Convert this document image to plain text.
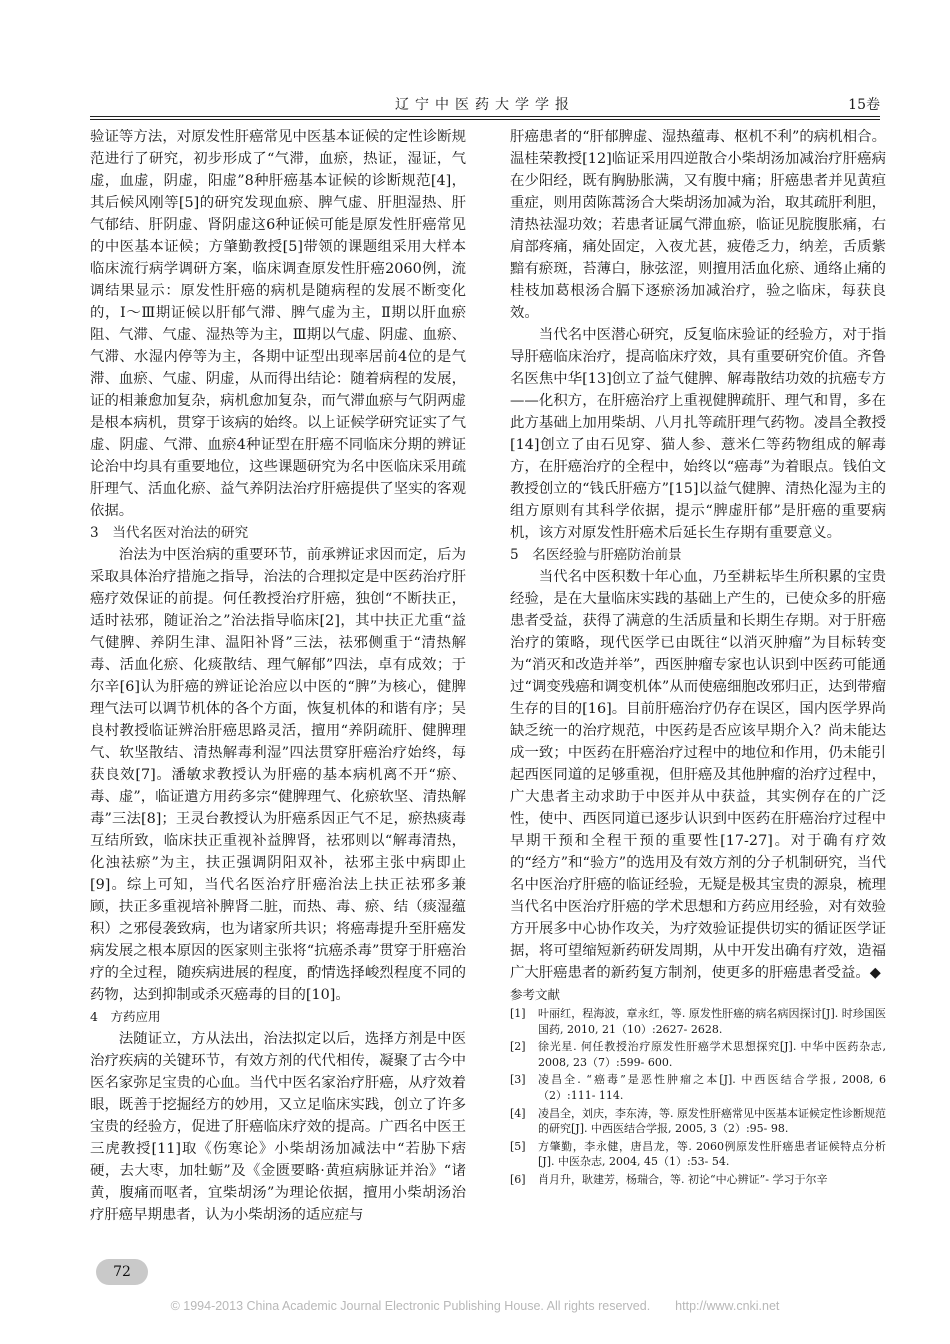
辽宁中医药大学学报	15卷

验证等方法，对原发性肝癌常见中医基本证候的定性诊断规范进行了研究，初步形成了“气滞，血瘀，热证，湿证，气虚，血虚，阴虚，阳虚”8种肝癌基本证候的诊断规范[4]，其后候风刚等[5]的研究发现血瘀、脾气虚、肝胆湿热、肝气郁结、肝阴虚、肾阴虚这6种证候可能是原发性肝癌常见的中医基本证候；方肇勤教授[5]带领的课题组采用大样本临床流行病学调研方案，临床调查原发性肝癌2060例，流调结果显示：原发性肝癌的病机是随病程的发展不断变化的，Ⅰ～Ⅲ期证候以肝郁气滞、脾气虚为主，Ⅱ期以肝血瘀阻、气滞、气虚、湿热等为主，Ⅲ期以气虚、阴虚、血瘀、气滞、水湿内停等为主，各期中证型出现率居前4位的是气滞、血瘀、气虚、阴虚，从而得出结论：随着病程的发展，证的相兼愈加复杂，病机愈加复杂，而气滞血瘀与气阴两虚是根本病机，贯穿于该病的始终。以上证候学研究证实了气虚、阴虚、气滞、血瘀4种证型在肝癌不同临床分期的辨证论治中均具有重要地位，这些课题研究为名中医临床采用疏肝理气、活血化瘀、益气养阴法治疗肝癌提供了坚实的客观依据。

3　当代名医对治法的研究

治法为中医治病的重要环节，前承辨证求因而定，后为采取具体治疗措施之指导，治法的合理拟定是中医药治疗肝癌疗效保证的前提。何任教授治疗肝癌，独创“不断扶正，适时祛邪，随证治之”治法指导临床[2]，其中扶正尤重“益气健脾、养阴生津、温阳补肾”三法，祛邪侧重于“清热解毒、活血化瘀、化痰散结、理气解郁”四法，卓有成效；于尔辛[6]认为肝癌的辨证论治应以中医的“脾”为核心，健脾理气法可以调节机体的各个方面，恢复机体的和谐有序；吴良村教授临证辨治肝癌思路灵活，擅用“养阴疏肝、健脾理气、软坚散结、清热解毒利湿”四法贯穿肝癌治疗始终，每获良效[7]。潘敏求教授认为肝癌的基本病机离不开“瘀、毒、虚”，临证遣方用药多宗“健脾理气、化瘀软坚、清热解毒”三法[8]；王灵台教授认为肝癌系因正气不足，瘀热痰毒互结所致，临床扶正重视补益脾肾，祛邪则以“解毒清热，化浊祛瘀”为主，扶正强调阴阳双补，祛邪主张中病即止[9]。综上可知，当代名医治疗肝癌治法上扶正祛邪多兼顾，扶正多重视培补脾肾二脏，而热、毒、瘀、结（痰湿蕴积）之邪侵袭致病，也为诸家所共识；将癌毒提升至肝癌发病发展之根本原因的医家则主张将“抗癌杀毒”贯穿于肝癌治疗的全过程，随疾病进展的程度，酌情选择峻烈程度不同的药物，达到抑制或杀灭癌毒的目的[10]。

4　方药应用

法随证立，方从法出，治法拟定以后，选择方剂是中医治疗疾病的关键环节，有效方剂的代代相传，凝聚了古今中医名家弥足宝贵的心血。当代中医名家治疗肝癌，从疗效着眼，既善于挖掘经方的妙用，又立足临床实践，创立了许多宝贵的经验方，促进了肝癌临床疗效的提高。广西名中医王三虎教授[11]取《伤寒论》小柴胡汤加减法中“若胁下痞硬，去大枣，加牡蛎”及《金匮要略·黄疸病脉证并治》“诸黄，腹痛而呕者，宜柴胡汤”为理论依据，擅用小柴胡汤治疗肝癌早期患者，认为小柴胡汤的适应症与

肝癌患者的“肝郁脾虚、湿热蕴毒、枢机不利”的病机相合。温桂荣教授[12]临证采用四逆散合小柴胡汤加减治疗肝癌病在少阳经，既有胸胁胀满，又有腹中痛；肝癌患者并见黄疸重症，则用茵陈蒿汤合大柴胡汤加减为治，取其疏肝利胆，清热祛湿功效；若患者证属气滞血瘀，临证见脘腹胀痛，右肩部疼痛，痛处固定，入夜尤甚，疲倦乏力，纳差，舌质紫黯有瘀斑，苔薄白，脉弦涩，则擅用活血化瘀、通络止痛的桂枝加葛根汤合膈下逐瘀汤加减治疗，验之临床，每获良效。

当代名中医潜心研究，反复临床验证的经验方，对于指导肝癌临床治疗，提高临床疗效，具有重要研究价值。齐鲁名医焦中华[13]创立了益气健脾、解毒散结功效的抗癌专方——化积方，在肝癌治疗上重视健脾疏肝、理气和胃，多在此方基础上加用柴胡、八月扎等疏肝理气药物。凌昌全教授[14]创立了由石见穿、猫人参、薏米仁等药物组成的解毒方，在肝癌治疗的全程中，始终以“癌毒”为着眼点。钱伯文教授创立的“钱氏肝癌方”[15]以益气健脾、清热化湿为主的组方原则有其科学依据，提示“脾虚肝郁”是肝癌的重要病机，该方对原发性肝癌术后延长生存期有重要意义。

5　名医经验与肝癌防治前景

当代名中医积数十年心血，乃至耕耘毕生所积累的宝贵经验，是在大量临床实践的基础上产生的，已使众多的肝癌患者受益，获得了满意的生活质量和长期生存期。对于肝癌治疗的策略，现代医学已由既往“以消灭肿瘤”为目标转变为“消灭和改造并举”，西医肿瘤专家也认识到中医药可能通过“调变残癌和调变机体”从而使癌细胞改邪归正，达到带瘤生存的目的[16]。目前肝癌治疗仍存在误区，国内医学界尚缺乏统一的治疗规范，中医药是否应该早期介入？尚未能达成一致；中医药在肝癌治疗过程中的地位和作用，仍未能引起西医同道的足够重视，但肝癌及其他肿瘤的治疗过程中，广大患者主动求助于中医并从中获益，其实例存在的广泛性，使中、西医同道已逐步认识到中医药在肝癌治疗过程中早期干预和全程干预的重要性[17-27]。对于确有疗效的“经方”和“验方”的选用及有效方剂的分子机制研究，当代名中医治疗肝癌的临证经验，无疑是极其宝贵的源泉，梳理当代名中医治疗肝癌的学术思想和方药应用经验，对有效验方开展多中心协作攻关，为疗效验证提供切实的循证医学证据，将可望缩短新药研发周期，从中开发出确有疗效，造福广大肝癌患者的新药复方制剂，使更多的肝癌患者受益。◆

参考文献
[1]	叶丽红，程海波，章永红，等. 原发性肝癌的病名病因探讨[J]. 时珍国医国药, 2010, 21（10）:2627- 2628.
[2]	徐光星. 何任教授治疗原发性肝癌学术思想探究[J]. 中华中医药杂志, 2008, 23（7）:599- 600.
[3]	凌昌全. “癌毒”是恶性肿瘤之本[J]. 中西医结合学报, 2008, 6（2）:111- 114.
[4]	凌昌全，刘庆，李东涛，等. 原发性肝癌常见中医基本证候定性诊断规范的研究[J]. 中西医结合学报, 2005, 3（2）:95- 98.
[5]	方肇勤，李永健，唐昌龙，等. 2060例原发性肝癌患者证候特点分析[J]. 中医杂志, 2004, 45（1）:53- 54.
[6]	肖月升，耿建芳，杨瑞合，等. 初论“中心辨证”- 学习于尔辛
72
© 1994-2013 China Academic Journal Electronic Publishing House. All rights reserved.　　http://www.cnki.net
